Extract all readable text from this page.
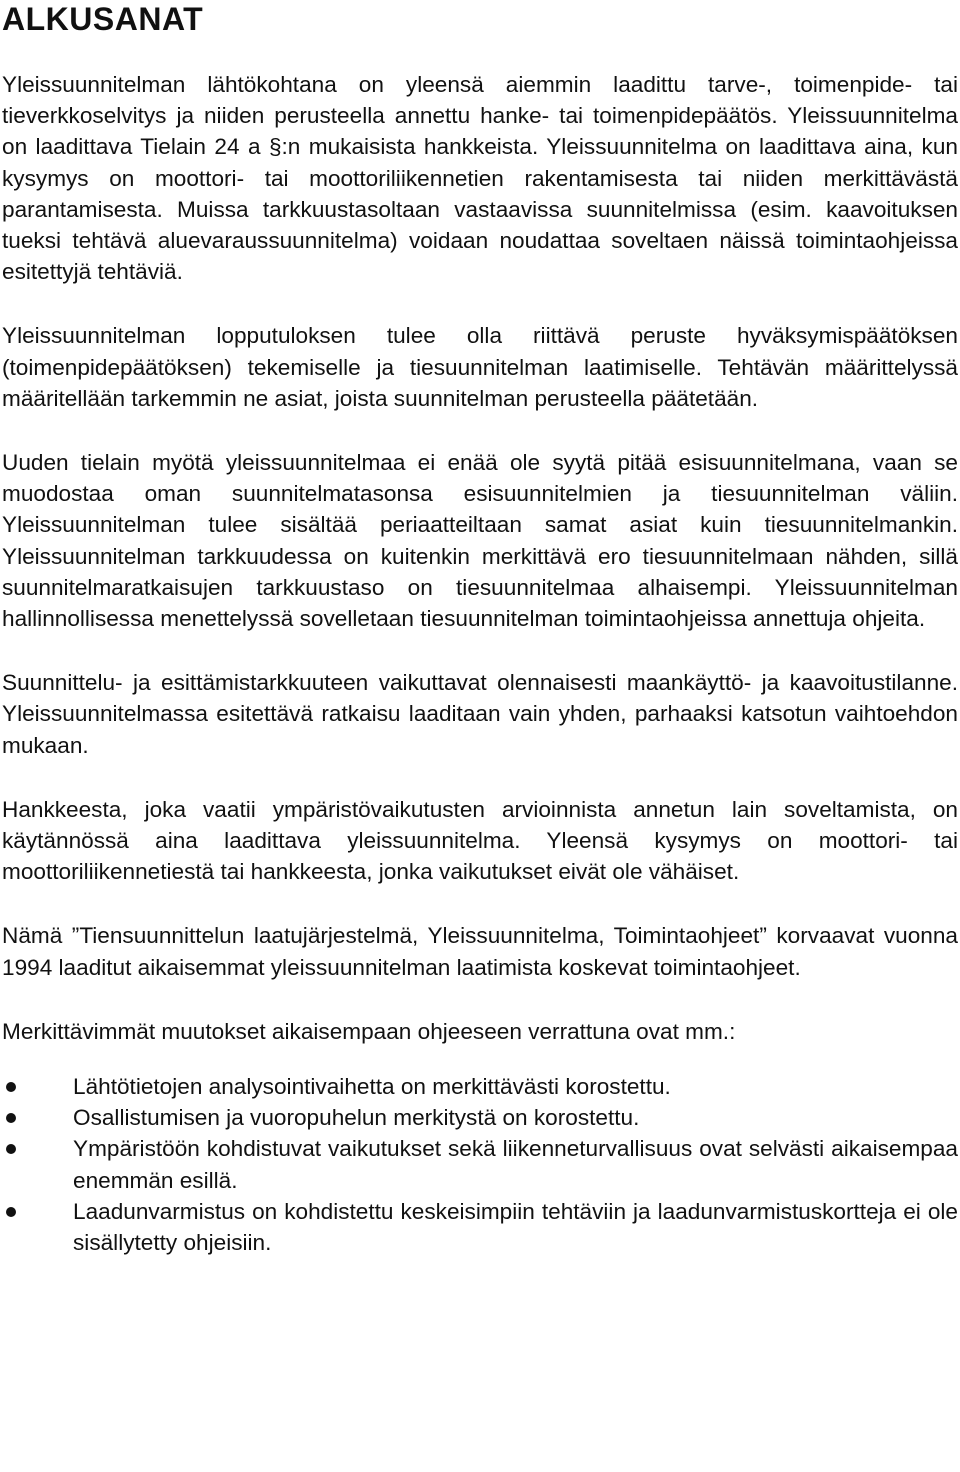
ALKUSANAT

Yleissuunnitelman lähtökohtana on yleensä aiemmin laadittu tarve-, toimenpide- tai tieverkkoselvitys ja niiden perusteella annettu hanke- tai toimenpidepäätös. Yleissuunnitelma on laadittava Tielain 24 a §:n mukaisista hankkeista. Yleissuunnitelma on laadittava aina, kun kysymys on moottori- tai moottoriliikennetien rakentamisesta tai niiden merkittävästä parantamisesta. Muissa tarkkuustasoltaan vastaavissa suunnitelmissa (esim. kaavoituksen tueksi tehtävä aluevaraussuunnitelma) voidaan noudattaa soveltaen näissä toimintaohjeissa esitettyjä tehtäviä.

Yleissuunnitelman lopputuloksen tulee olla riittävä peruste hyväksymispäätöksen (toimenpidepäätöksen) tekemiselle ja tiesuunnitelman laatimiselle. Tehtävän määrittelyssä määritellään tarkemmin ne asiat, joista suunnitelman perusteella päätetään.

Uuden tielain myötä yleissuunnitelmaa ei enää ole syytä pitää esisuunnitelmana, vaan se muodostaa oman suunnitelmatasonsa esisuunnitelmien ja tiesuunnitelman väliin. Yleissuunnitelman tulee sisältää periaatteiltaan samat asiat kuin tiesuunnitelmankin. Yleissuunnitelman tarkkuudessa on kuitenkin merkittävä ero tiesuunnitelmaan nähden, sillä suunnitelmaratkaisujen tarkkuustaso on tiesuunnitelmaa alhaisempi. Yleissuunnitelman hallinnollisessa menettelyssä sovelletaan tiesuunnitelman toimintaohjeissa annettuja ohjeita.

Suunnittelu- ja esittämistarkkuuteen vaikuttavat olennaisesti maankäyttö- ja kaavoitustilanne. Yleissuunnitelmassa esitettävä ratkaisu laaditaan vain yhden, parhaaksi katsotun vaihtoehdon mukaan.

Hankkeesta, joka vaatii ympäristövaikutusten arvioinnista annetun lain soveltamista, on käytännössä aina laadittava yleissuunnitelma. Yleensä kysymys on moottori- tai moottoriliikennetiestä tai hankkeesta, jonka vaikutukset eivät ole vähäiset.

Nämä ”Tiensuunnittelun laatujärjestelmä, Yleissuunnitelma, Toimintaohjeet” korvaavat vuonna 1994 laaditut aikaisemmat yleissuunnitelman laatimista koskevat toimintaohjeet.

Merkittävimmät muutokset aikaisempaan ohjeeseen verrattuna ovat mm.:

Lähtötietojen analysointivaihetta on merkittävästi korostettu.
Osallistumisen ja vuoropuhelun merkitystä on korostettu.
Ympäristöön kohdistuvat vaikutukset sekä liikenneturvallisuus ovat selvästi aikaisempaa enemmän esillä.
Laadunvarmistus on kohdistettu keskeisimpiin tehtäviin ja laadunvarmistuskortteja ei ole sisällytetty ohjeisiin.
